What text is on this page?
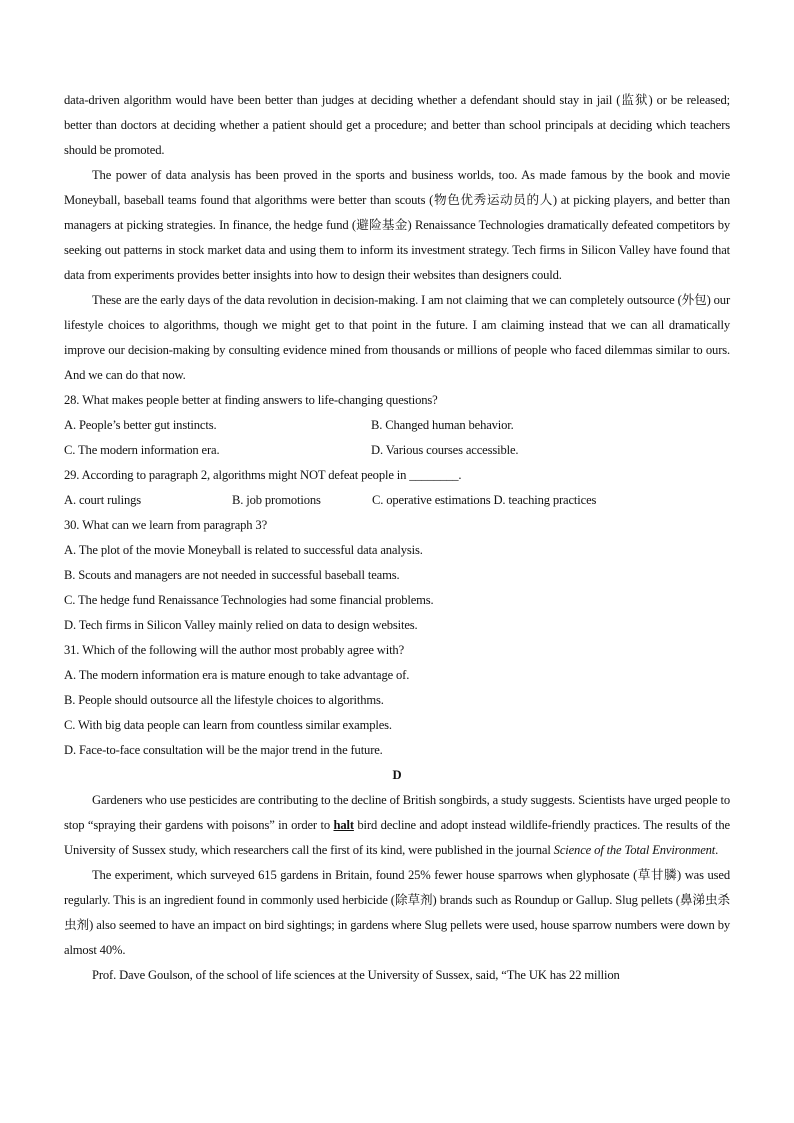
data-driven algorithm would have been better than judges at deciding whether a defendant should stay in jail (监狱) or be released; better than doctors at deciding whether a patient should get a procedure; and better than school principals at deciding which teachers should be promoted.

The power of data analysis has been proved in the sports and business worlds, too. As made famous by the book and movie Moneyball, baseball teams found that algorithms were better than scouts (物色优秀运动员的人) at picking players, and better than managers at picking strategies. In finance, the hedge fund (避险基金) Renaissance Technologies dramatically defeated competitors by seeking out patterns in stock market data and using them to inform its investment strategy. Tech firms in Silicon Valley have found that data from experiments provides better insights into how to design their websites than designers could.

These are the early days of the data revolution in decision-making. I am not claiming that we can completely outsource (外包) our lifestyle choices to algorithms, though we might get to that point in the future. I am claiming instead that we can all dramatically improve our decision-making by consulting evidence mined from thousands or millions of people who faced dilemmas similar to ours. And we can do that now.

28. What makes people better at finding answers to life-changing questions?

A. People’s better gut instincts.	B. Changed human behavior.
C. The modern information era.	D. Various courses accessible.

29. According to paragraph 2, algorithms might NOT defeat people in ________.

A. court rulings	B. job promotions	C. operative estimations D. teaching practices

30. What can we learn from paragraph 3?

A. The plot of the movie Moneyball is related to successful data analysis.

B. Scouts and managers are not needed in successful baseball teams.

C. The hedge fund Renaissance Technologies had some financial problems.

D. Tech firms in Silicon Valley mainly relied on data to design websites.

31. Which of the following will the author most probably agree with?

A. The modern information era is mature enough to take advantage of.

B. People should outsource all the lifestyle choices to algorithms.

C. With big data people can learn from countless similar examples.

D. Face-to-face consultation will be the major trend in the future.

D

Gardeners who use pesticides are contributing to the decline of British songbirds, a study suggests. Scientists have urged people to stop “spraying their gardens with poisons” in order to halt bird decline and adopt instead wildlife-friendly practices. The results of the University of Sussex study, which researchers call the first of its kind, were published in the journal Science of the Total Environment.

The experiment, which surveyed 615 gardens in Britain, found 25% fewer house sparrows when glyphosate (草甘膦) was used regularly. This is an ingredient found in commonly used herbicide (除草剂) brands such as Roundup or Gallup. Slug pellets (鼻涕虫杀虫剂) also seemed to have an impact on bird sightings; in gardens where Slug pellets were used, house sparrow numbers were down by almost 40%.

Prof. Dave Goulson, of the school of life sciences at the University of Sussex, said, “The UK has 22 million
